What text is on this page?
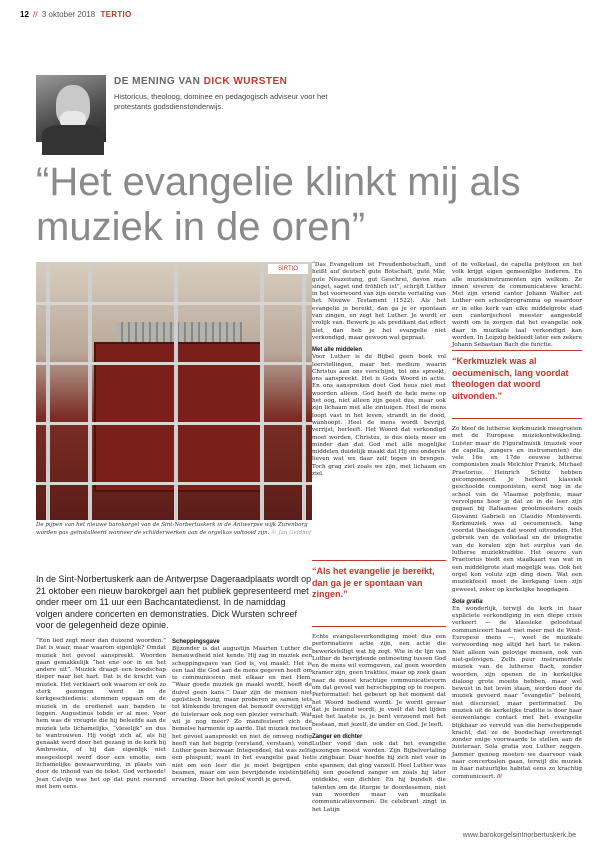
12 // 3 oktober 2018 TERTIO
DE MENING VAN DICK WURSTEN
Historicus, theoloog, dominee en pedagogisch adviseur voor het protestants godsdienstonderwijs.
“Het evangelie klinkt mij als muziek in de oren”
SIRTIO
De pijpen van het nieuwe barokorgel van de Sint-Norbertuskerk in de Antwerpse wijk Zurenborg worden pas geïnstalleerd wanneer de schilderwerken aan de orgelkas voltooid zijn. © Jan Geldhof
In de Sint-Norbertuskerk aan de Antwerpse Dageraadplaats wordt op 21 oktober een nieuw barokorgel aan het publiek gepresenteerd met onder meer om 11 uur een Bachcantatedienst. In de namiddag volgen andere concerten en demonstraties. Dick Wursten schreef voor de gelegenheid deze opinie.

“Een lied zegt meer dan duizend woorden.” Dat is waar, maar waarom eigenlijk? Omdat muziek het gevoel aanspreekt. Woorden gaan gemakkelijk “het ene oor in en het andere uit”. Muziek draagt een boodschap dieper naar het hart. Dat is de kracht van muziek. Het verklaart ook waarom er ook zo sterk gezongen werd in de kerkgeschiedenis: stemmen opgaan om de muziek in de eredienst aan banden te leggen. Augustinus tobde er al mee. Voor hem was de vreugde die hij beleefde aan de muziek iets lichamelijks, “vleselijk” en dus te wantrouwen. Hij voogt zich af, als hij genaakt werd door het gezang in de kerk bij Ambrosius, of hij dan eigenlijk niet meegesleept werd door een emotie, een lichamelijke gewaarwording, in plaats van door de inhoud van de tekst. God verhoede! Jean Calvijn was het op dat punt roerend met hem eens.

Scheppingsgave

Bijzonder is dat augustijn Maarten Luther die benauwdheid niet kende. Hij zag in muziek een scheppingsgave van God is, vol maakt. Het is een taal die God aan de mens gegeven heeft om te communiceren met elkaar en met Hem. “Waar goede muziek ge maakt wordt, heeft de duivel geen kans.” Daar zijn de mensen niet egoïstisch bezig, maar proberen ze samen iets tot klinkende brengen dat hemzelf overstijgt en de luisteraar ook nog een plezier verschaft. Wat wil je nog meer? Zo manifesteert zich de hemelse harmonie op aarde. Dat muziek meteen het gevoel aanspreekt en niet de omweg nodig heeft van het begrip (verstand, verstaan), vond Luther geen bezwaar. Integendeel, dat was zelfs een pluspunt, want in het evangelie gaat het niet om een leer die je moet begrijpen en beamen, maar om een bevrijdende existentiële ervaring. Door het geloof wordt je gered.

“Das Evangelium ist Freudenbotschaft, und heißt auf deutsch gute Botschaft, gute Mär, gute Neuzeitung, gut Geschrei, davon man singet, saget und fröhlich ist”, schrijft Luther in het voorwoord van zijn eerste vertaling van het Nieuwe Testament (1522). Als het evangelie je bereikt, dan ga je er spontaan van zingen, en zegt het Luther. Je wordt er vrolijk van. Bewerk je als predikant dat effect niet, dan heb je het evangelie niet verkondigd, maar gewoon wat gepraat.

Met alle middelen

Voor Luther is de Bijbel geen boek vol leerstellingen, maar het medium waarin Christus aan ons verschijnt, tot ons spreekt, ons aanspreekt. Het is Gods Woord in actie. En ons aanspreken doet God heus niet met woorden alleen. God heeft de hele mens op het oog, niet alleen zijn geest dus, maar ook zijn lichaam met alle zintuigen. Heel de mens loopt vast in het leven, strandt in de dood, wanhoopt. Heel de mens wordt bevrijd, verrijst, herleeft. Het Woord dat verkondigd moet worden, Christus, is dus niets meer en minder dan dat God met alle mogelijke middelen duidelijk maakt dat Hij ons onderste lieven wat we daar zelf tegen in brengen. Toch grag ziet zoals we zijn, met lichaam en ziel.

“Als het evangelie je bereikt, dan ga je er spontaan van zingen.”

Echte evangelieverkondiging moet dus een performatieve actie zijn, een actie die bewerkstelligt wat hij zegt. Wie in de lijn van Luther de bevrijdende ontmoeting tussen God en de mens wil vormgeven, zal geen woorden kramer zijn, geen trakties, maar op zoek gaan naar de meest krachtige communicatievorm om dat gevoel van herschepping op te roepen. Performatief: het gebeurt op het moment dat het Woord bediend wordt. Je wordt gevaar dat je bemind wordt, je voelt dat het lijden niet het laatste is, je bent verzoend met het bestaan, met jezelf, de ander en God. Je leeft.

Zanger en dichter

Luther vond dan ook dat het evangelie gezongen moest worden. Zijn Bijbelvertaling is zingbaar. Daar hoefde hij zich niet voor in te spannen, dat ging vanzelf. Heel Luther was hij een geoefend zanger en zoals hij later ontdekte, een dichter. En hij bundelt die talenten om de liturgie te doordesemen, niet van woorden maar van muzikale communicatievormen. De celebrant zingt in het Latijn

of de volkstaal, de capella polyfoon en het volk krijgt eigen gemeenlijke liederen. En alle muziekinstrumenten zijn welkom. Ze innen siveren de communicatieve kracht. Met zijn vriend cantor Johann Walter zet Luther een schoolprogramma op waardoor er in elke kerk van elke middelgrote stad een cantorijschool meester aangesteld wordt om te zorgen dat het evangelie ook daar in muzikale taal verkondigd kan worden. In Leipzig bekleedt later een zekere Johann Sebastian Bach die functie.

“Kerkmuziek was al oecumenisch, lang voordat theologen dat woord uitvonden.”

Zo bleef de lutherse kerkmuziek meegroeien met de Europese muziekontwikkeling. Luister maar de Figuralmusik (muziek voor de capella, zangers en instrumenten) die vele 16e en 17de eeuwse lutherse componisten zoals Melchior Franck, Michael Praetorius, Heinrich Schütz hebben gecomponeerd. Je herkent klassiek geschoolde componisten, eerst nog in de school van de Vlaamse polyfonie, maar vervolgens hoor je dat ze in de leer zijn gegaan bij Italiaanse grootmeesters zoals Giovanni Gabrieli en Claudio Monteverdi. Kerkmuziek was al oecumenisch, lang voordat theologen dat woord uitvonden. Het gebruik van de volkstaal en de integratie van de koralen zijn het surplus van de lutherse muziektraditie. Het oeuvre van Praetorius biedt een staalkaart van wat in een middelgrote stad mogelijk was. Ook het orgel kon volutz zijn ding doen. Wat een muziekfeest moet de kerkgang toen zijn geweest, zeker op kerkelijke hoogdagen.

Sola gratia

En wonderlijk, terwijl de kerk in haar expliciete verkondiging in een diepe crisis verkeert — de klassieke geloofstaal communiceert haast niet meer met de West-Europese mens —, weet de muzikale verwoording nog altijd het hart te raken. Niet alleen van gelovige mensen, ook van niet-gelovigen. Zelfs puur instrumentele muziek van de lutherse Bach, zonder woorden, zijn openen de in kerkelijke dialoog grote moeite hebben, maar wel bewust in het leven staan, worden door de muziek gevoerd naar “evangelie” beleefd, niet discursief, maar performatief. De muziek uit de kerkelijke traditie is door haar eeuwenlange contact met het evangelie blijkbaar zo vervuld van die herscheppende kracht, dat ze de boodschap overbrengt zonder enige voorwaarde te stellen aan de luisteraar. Sola gratia zou Luther zeggen. Jammer genoeg moeten we daarvoor vaak naar concertzalen gaan, terwijl die muziek in haar natuurlijke habitat eens zo krachtig communiceert. ///

www.barokorgelsintnorbertuskerk.be
